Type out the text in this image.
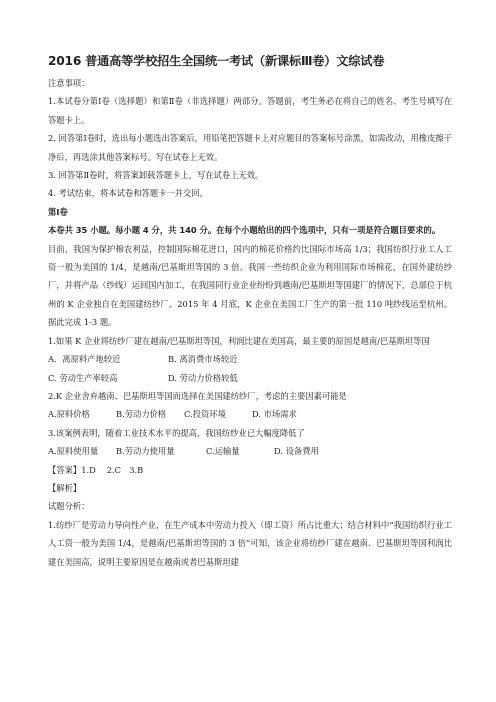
2016 普通高等学校招生全国统一考试（新课标Ⅲ卷）文综试卷

注意事项：

1.本试卷分第Ⅰ卷（选择题）和第Ⅱ卷（非选择题）两部分。答题前，考生务必在将自己的姓名、考生号填写在答题卡上。

2. 回答第Ⅰ卷时，选出每小题选出答案后，用铅笔把答题卡上对应题目的答案标号涂黑，如需改动，用橡皮擦干净后，再选涂其他答案标号。写在试卷上无效。

3. 回答第Ⅱ卷时，将答案卸载答题卡上，写在试卷上无效。

4. 考试结束，将本试卷和答题卡一并交回。

第Ⅰ卷

本卷共 35 小题。每小题 4 分，共 140 分。在每个小题给出的四个选项中，只有一项是符合题目要求的。

目前，我国为保护棉农利益，控制国际棉花进口，国内的棉花价格约比国际市场高 1/3；我国纺织行业工人工资一般为美国的 1/4，是越南/巴基斯坦等国的 3 倍。我国一些纺织企业为利用国际市场棉花，在国外建纺纱厂，并将产品（纱线）运回国内加工，在我国同行业企业纷纷到越南/巴基斯坦等国建厂的情况下，总部位于杭州的 K 企业独自在美国建纺纱厂。2015 年 4 月底，K 企业在美国工厂生产的第一批 110 吨纱线运至杭州。据此完成 1-3 题。

1.如果 K 企业将纺纱厂建在越南/巴基斯坦等国，利润比建在美国高，最主要的原因是越南/巴基斯坦等国

A．离原料产地较近	B. 离消费市场较近
C. 劳动生产率较高	D. 劳动力价格较低

2.K 企业舍弃越南、巴基斯坦等国而选择在美国建纺纱厂，考虑的主要因素可能是

A.原料价格	B.劳动力价格	C.投资环境	D. 市场需求

3.该案例表明，随着工业技术水平的提高，我国纺纱业已大幅度降低了

A.原料使用量	B.劳动力使用量	C.运输量	D. 设备费用

【答案】1.D　 2.C　3.B

【解析】

试题分析：

1.纺纱厂是劳动力导向性产业，在生产成本中劳动力投入（即工资）所占比重大；结合材料中“我国纺织行业工人工资一般为美国 1/4，是越南/巴基斯坦等国的 3 倍”可知，该企业将纺纱厂建在越南、巴基斯坦等国利润比建在美国高，说明主要原因是在越南或者巴基斯坦建
